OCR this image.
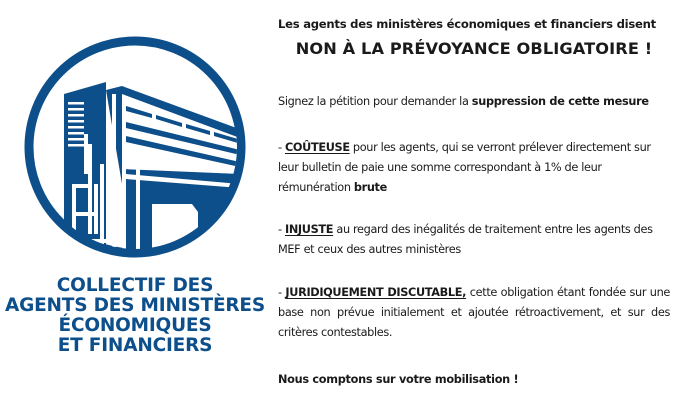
COLLECTIF DES
AGENTS DES MINISTÈRES
ÉCONOMIQUES
ET FINANCIERS
Les agents des ministères économiques et financiers disent
NON À LA PRÉVOYANCE OBLIGATOIRE !
Signez la pétition pour demander la suppression de cette mesure
- COÛTEUSE pour les agents, qui se verront prélever directement sur leur bulletin de paie une somme correspondant à 1% de leur rémunération brute
- INJUSTE au regard des inégalités de traitement entre les agents des MEF et ceux des autres ministères
- JURIDIQUEMENT DISCUTABLE, cette obligation étant fondée sur une base non prévue initialement et ajoutée rétroactivement, et sur des critères contestables.
Nous comptons sur votre mobilisation !
